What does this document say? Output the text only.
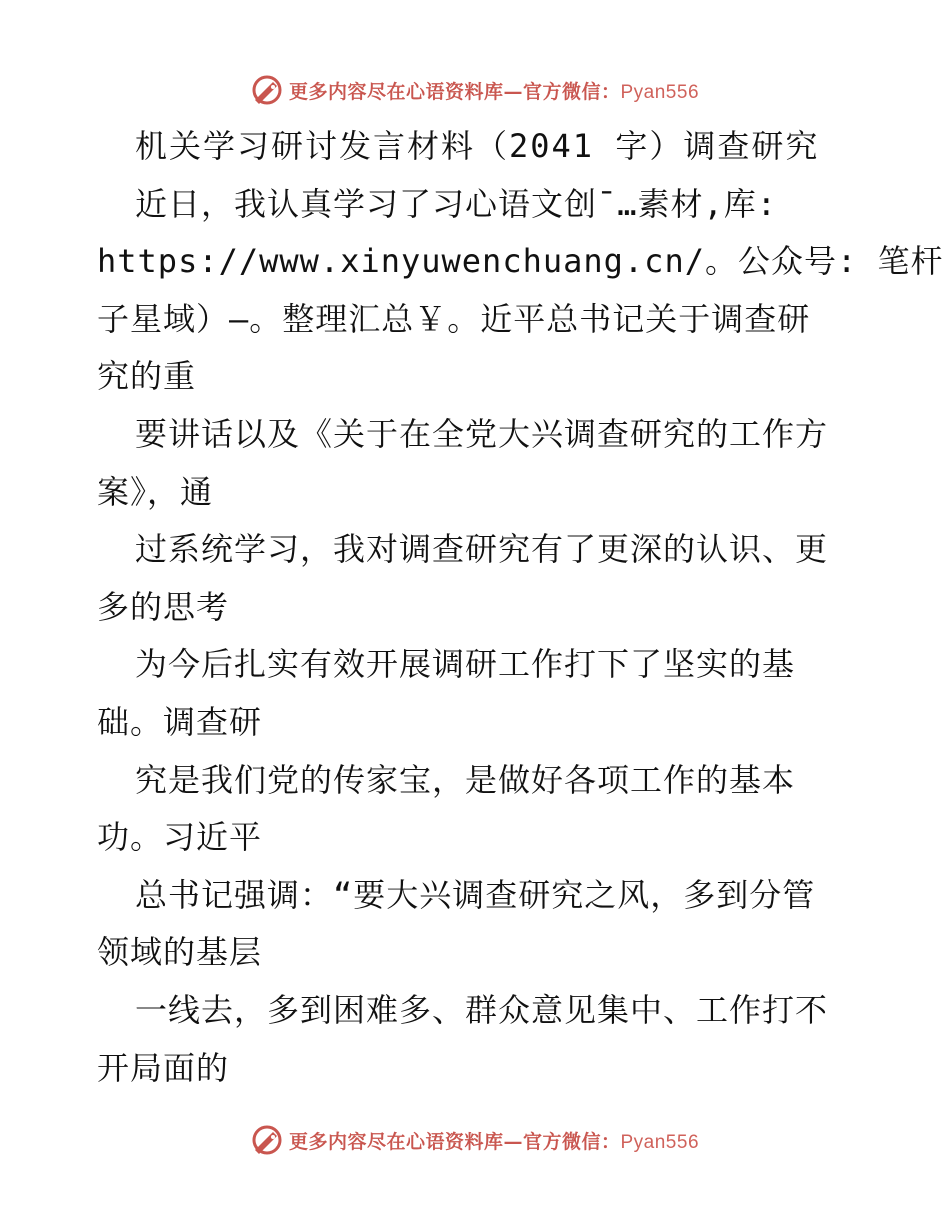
更多内容尽在心语资料库—官方微信：Pyan556
机关学习研讨发言材料（2041 字）调查研究
近日，我认真学习了习心语文创¯…素材,库:
https://www.xinyuwenchuang.cn/。公众号: 笔杆
子星域）—。整理汇总￥。近平总书记关于调查研
究的重
要讲话以及《关于在全党大兴调查研究的工作方
案》，通
过系统学习，我对调查研究有了更深的认识、更
多的思考
为今后扎实有效开展调研工作打下了坚实的基
础。调查研
究是我们党的传家宝，是做好各项工作的基本
功。习近平
总书记强调：“要大兴调查研究之风，多到分管
领域的基层
一线去，多到困难多、群众意见集中、工作打不
开局面的
更多内容尽在心语资料库—官方微信：Pyan556
